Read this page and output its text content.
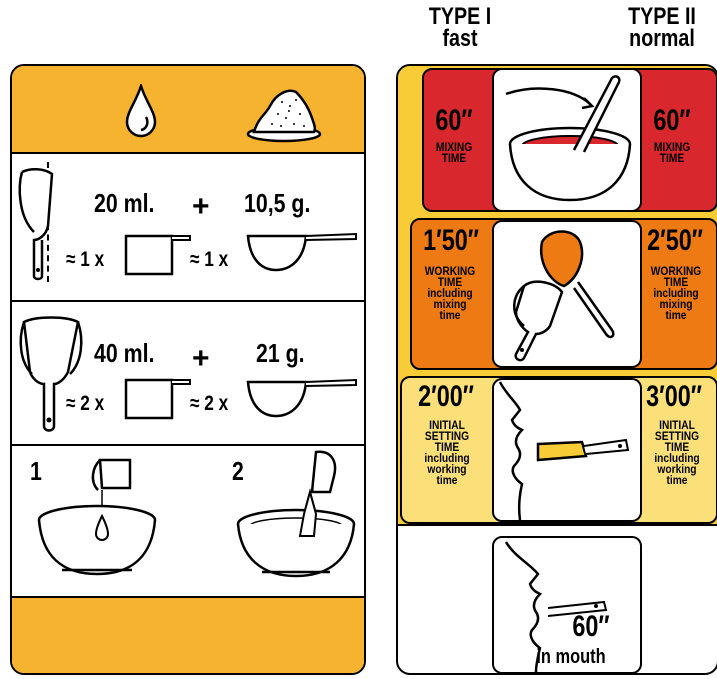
TYPE I
fast
TYPE II
normal
20 ml. + 10,5 g.
≈ 1 x	≈ 1 x
40 ml. + 21 g.
≈ 2 x	≈ 2 x
1	2
60″
MIXING TIME
60″
MIXING TIME
1′50″
WORKING TIME including mixing time
2′50″
WORKING TIME including mixing time
2′00″
INITIAL SETTING TIME including working time
3′00″
INITIAL SETTING TIME including working time
60″
in mouth
